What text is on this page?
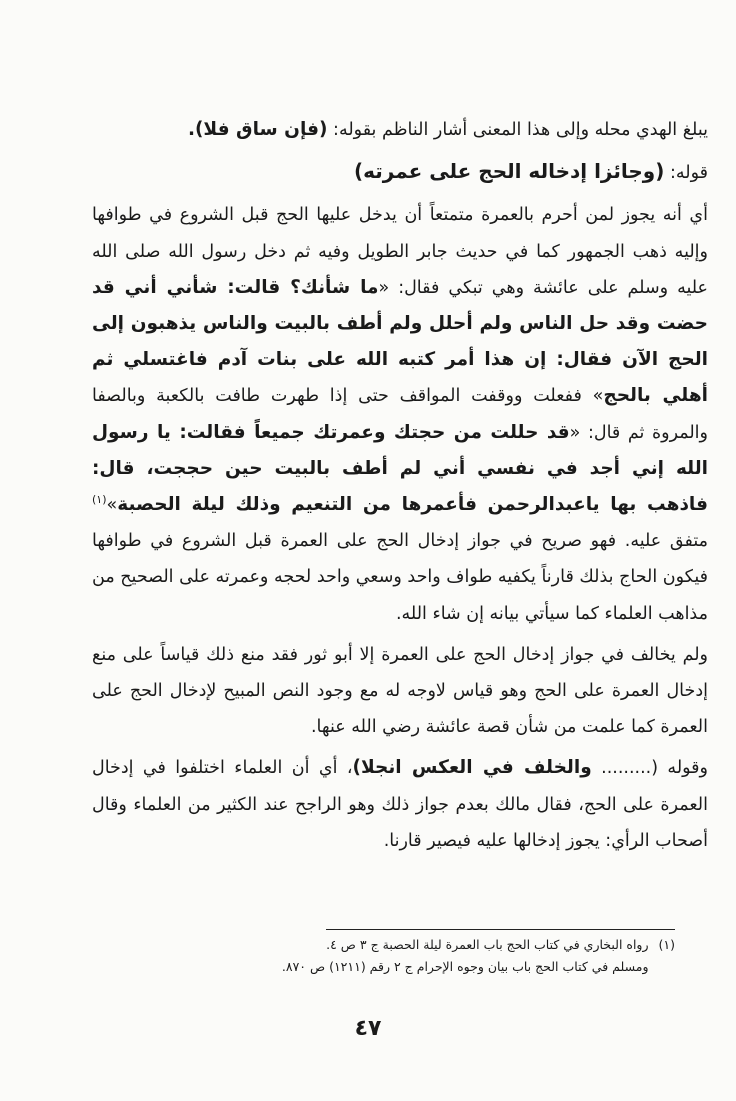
يبلغ الهدي محله وإلى هذا المعنى أشار الناظم بقوله: (فإن ساق فلا).

قوله: (وجائزا إدخاله الحج على عمرته)

أي أنه يجوز لمن أحرم بالعمرة متمتعاً أن يدخل عليها الحج قبل الشروع في طوافها وإليه ذهب الجمهور كما في حديث جابر الطويل وفيه ثم دخل رسول الله صلى الله عليه وسلم على عائشة وهي تبكي فقال: «ما شأنك؟ قالت: شأني أني قد حضت وقد حل الناس ولم أحلل ولم أطف بالبيت والناس يذهبون إلى الحج الآن فقال: إن هذا أمر كتبه الله على بنات آدم فاغتسلي ثم أهلي بالحج» ففعلت ووقفت المواقف حتى إذا طهرت طافت بالكعبة وبالصفا والمروة ثم قال: «قد حللت من حجتك وعمرتك جميعاً فقالت: يا رسول الله إني أجد في نفسي أني لم أطف بالبيت حين حججت، قال: فاذهب بها ياعبدالرحمن فأعمرها من التنعيم وذلك ليلة الحصبة»$^{(١)}$ متفق عليه. فهو صريح في جواز إدخال الحج على العمرة قبل الشروع في طوافها فيكون الحاج بذلك قارناً يكفيه طواف واحد وسعي واحد لحجه وعمرته على الصحيح من مذاهب العلماء كما سيأتي بيانه إن شاء الله.

ولم يخالف في جواز إدخال الحج على العمرة إلا أبو ثور فقد منع ذلك قياساً على منع إدخال العمرة على الحج وهو قياس لاوجه له مع وجود النص المبيح لإدخال الحج على العمرة كما علمت من شأن قصة عائشة رضي الله عنها.

وقوله (......... والخلف في العكس انجلا)، أي أن العلماء اختلفوا في إدخال العمرة على الحج، فقال مالك بعدم جواز ذلك وهو الراجح عند الكثير من العلماء وقال أصحاب الرأي: يجوز إدخالها عليه فيصير قارنا.

(١)
رواه البخاري في كتاب الحج باب العمرة ليلة الحصبة ج ٣ ص ٤.
ومسلم في كتاب الحج باب بيان وجوه الإحرام ج ٢ رقم (١٢١١) ص ٨٧٠.
٤٧
